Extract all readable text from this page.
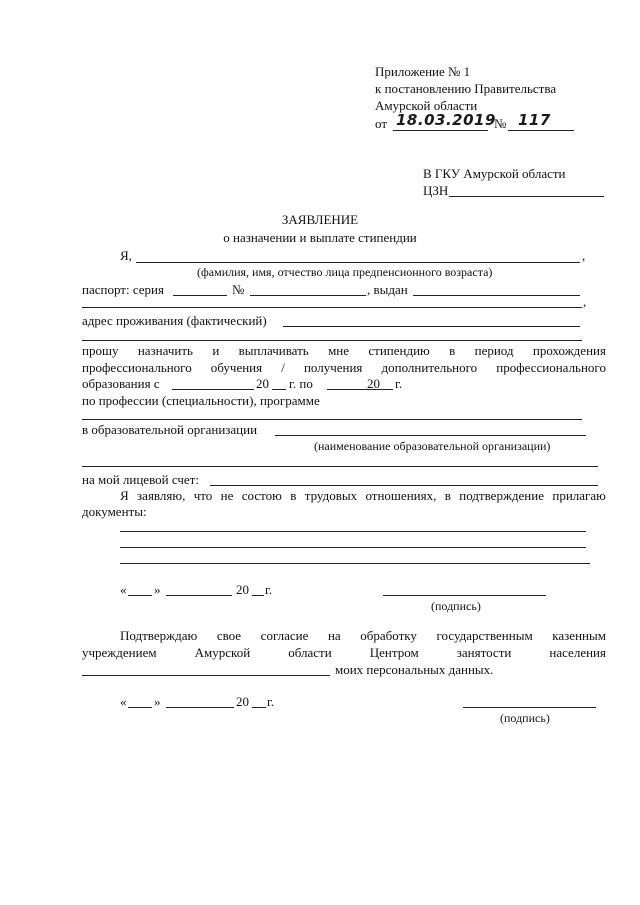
Приложение № 1
к постановлению Правительства
Амурской области
от 18.03.2019
№ 117
В ГКУ Амурской области
ЦЗН
ЗАЯВЛЕНИЕ
о назначении и выплате стипендии
Я,	,
(фамилия, имя, отчество лица предпенсионного возраста)
паспорт: серия	№	, выдан
,
адрес проживания (фактический)
прошу назначить и выплачивать мне стипендию в период прохождения
профессионального обучения / получения дополнительного профессионального
образования с	20 г. по	20 г.
по профессии (специальности), программе
в образовательной организации
(наименование образовательной организации)
на мой лицевой счет:
Я заявляю, что не состою в трудовых отношениях, в подтверждение прилагаю
документы:
« »	20 г.
(подпись)
Подтверждаю свое согласие на обработку государственным казенным
учреждением	Амурской	области	Центром	занятости	населения
моих персональных данных.
« »	20 г.
(подпись)
